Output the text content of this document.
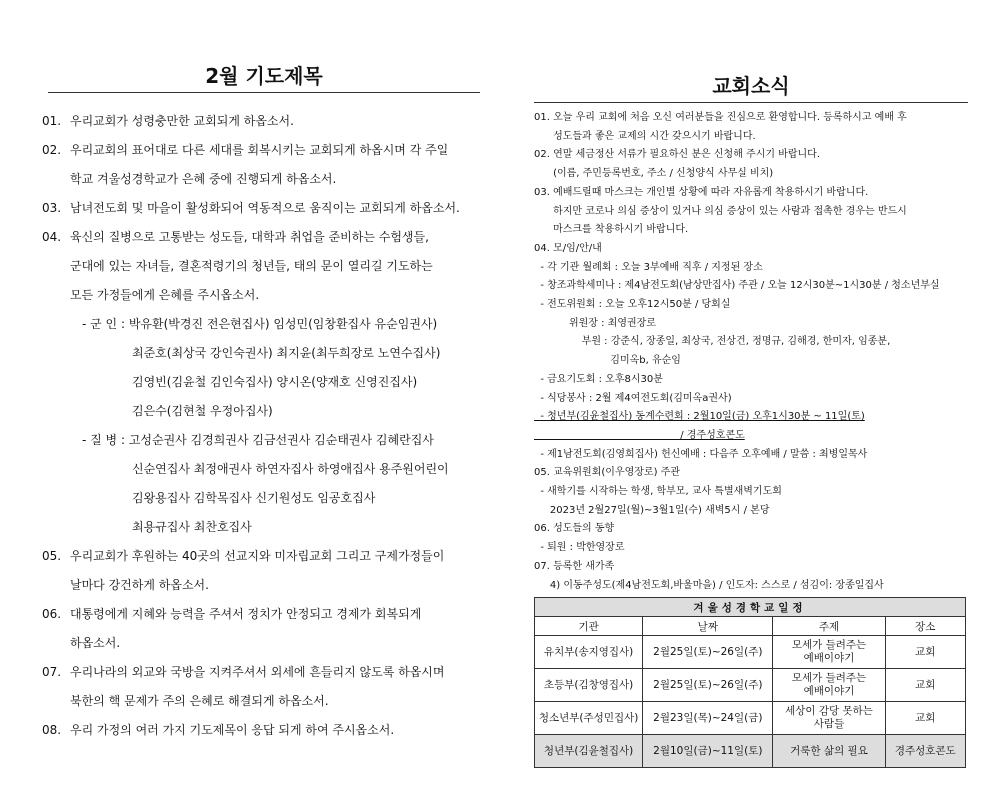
2월 기도제목
01. 우리교회가 성령충만한 교회되게 하옵소서.
02. 우리교회의 표어대로 다른 세대를 회복시키는 교회되게 하옵시며 각 주일
학교 겨울성경학교가 은혜 중에 진행되게 하옵소서.
03. 남녀전도회 및 마을이 활성화되어 역동적으로 움직이는 교회되게 하옵소서.
04. 육신의 질병으로 고통받는 성도들, 대학과 취업을 준비하는 수험생들,
군대에 있는 자녀들, 결혼적령기의 청년들, 태의 문이 열리길 기도하는
모든 가정들에게 은혜를 주시옵소서.
- 군 인 : 박유환(박경진 전은현집사) 임성민(임창환집사 유순임권사)
최준호(최상국 강인숙권사) 최지윤(최두희장로 노연수집사)
김영빈(김윤철 김인숙집사) 양시온(양재호 신영진집사)
김은수(김현철 우정아집사)
- 질 병 : 고성순권사 김경희권사 김금선권사 김순태권사 김혜란집사
신순연집사 최정애권사 하연자집사 하영애집사 용주원어린이
김왕용집사 김학목집사 신기원성도 임공호집사
최용규집사 최찬호집사
05. 우리교회가 후원하는 40곳의 선교지와 미자립교회 그리고 구제가정들이
날마다 강건하게 하옵소서.
06. 대통령에게 지혜와 능력을 주셔서 정치가 안정되고 경제가 회복되게
하옵소서.
07. 우리나라의 외교와 국방을 지켜주셔서 외세에 흔들리지 않도록 하옵시며
북한의 핵 문제가 주의 은혜로 해결되게 하옵소서.
08. 우리 가정의 여러 가지 기도제목이 응답 되게 하여 주시옵소서.
교회소식
01. 오늘 우리 교회에 처음 오신 여러분들을 진심으로 환영합니다. 등록하시고 예배 후
성도들과 좋은 교제의 시간 갖으시기 바랍니다.
02. 연말 세금정산 서류가 필요하신 분은 신청해 주시기 바랍니다.
(이름, 주민등록번호, 주소 / 신청양식 사무실 비치)
03. 예배드릴때 마스크는 개인별 상황에 따라 자유롭게 착용하시기 바랍니다.
하지만 코로나 의심 증상이 있거나 의심 증상이 있는 사람과 접촉한 경우는 반드시
마스크를 착용하시기 바랍니다.
04. 모/임/안/내
- 각 기관 월례회 : 오늘 3부예배 직후 / 지정된 장소
- 창조과학세미나 : 제4남전도회(남상만집사) 주관 / 오늘 12시30분~1시30분 / 청소년부실
- 전도위원회 : 오늘 오후12시50분 / 당회실
위원장 : 최영권장로
부원 : 강준식, 장종일, 최상국, 전상건, 정명규, 김해경, 한미자, 임종분,
김미옥b, 유순임
- 금요기도회 : 오후8시30분
- 식당봉사 : 2월 제4여전도회(김미옥a권사)
- 청년부(김윤철집사) 동계수련회 : 2월10일(금) 오후1시30분 ~ 11일(토)
/ 경주성호콘도
- 제1남전도회(김영희집사) 헌신예배 : 다음주 오후예배 / 말씀 : 최병일목사
05. 교육위원회(이우영장로) 주관
- 새학기를 시작하는 학생, 학부모, 교사 특별새벽기도회
2023년 2월27일(월)~3월1일(수) 새벽5시 / 본당
06. 성도들의 동향
- 퇴원 : 박한영장로
07. 등록한 새가족
4) 이동주성도(제4남전도회,바울마을) / 인도자: 스스로 / 섬김이: 장종일집사
겨울성경학교일정			
기관	날짜	주제	장소
유치부(송지영집사)	2월25일(토)~26일(주)	모세가 들려주는
예배이야기	교회
초등부(김창영집사)	2월25일(토)~26일(주)	모세가 들려주는
예배이야기	교회
청소년부(주성민집사)	2월23일(목)~24일(금)	세상이 감당 못하는
사람들	교회
청년부(김윤철집사)	2월10일(금)~11일(토)	거룩한 삶의 필요	경주성호콘도
